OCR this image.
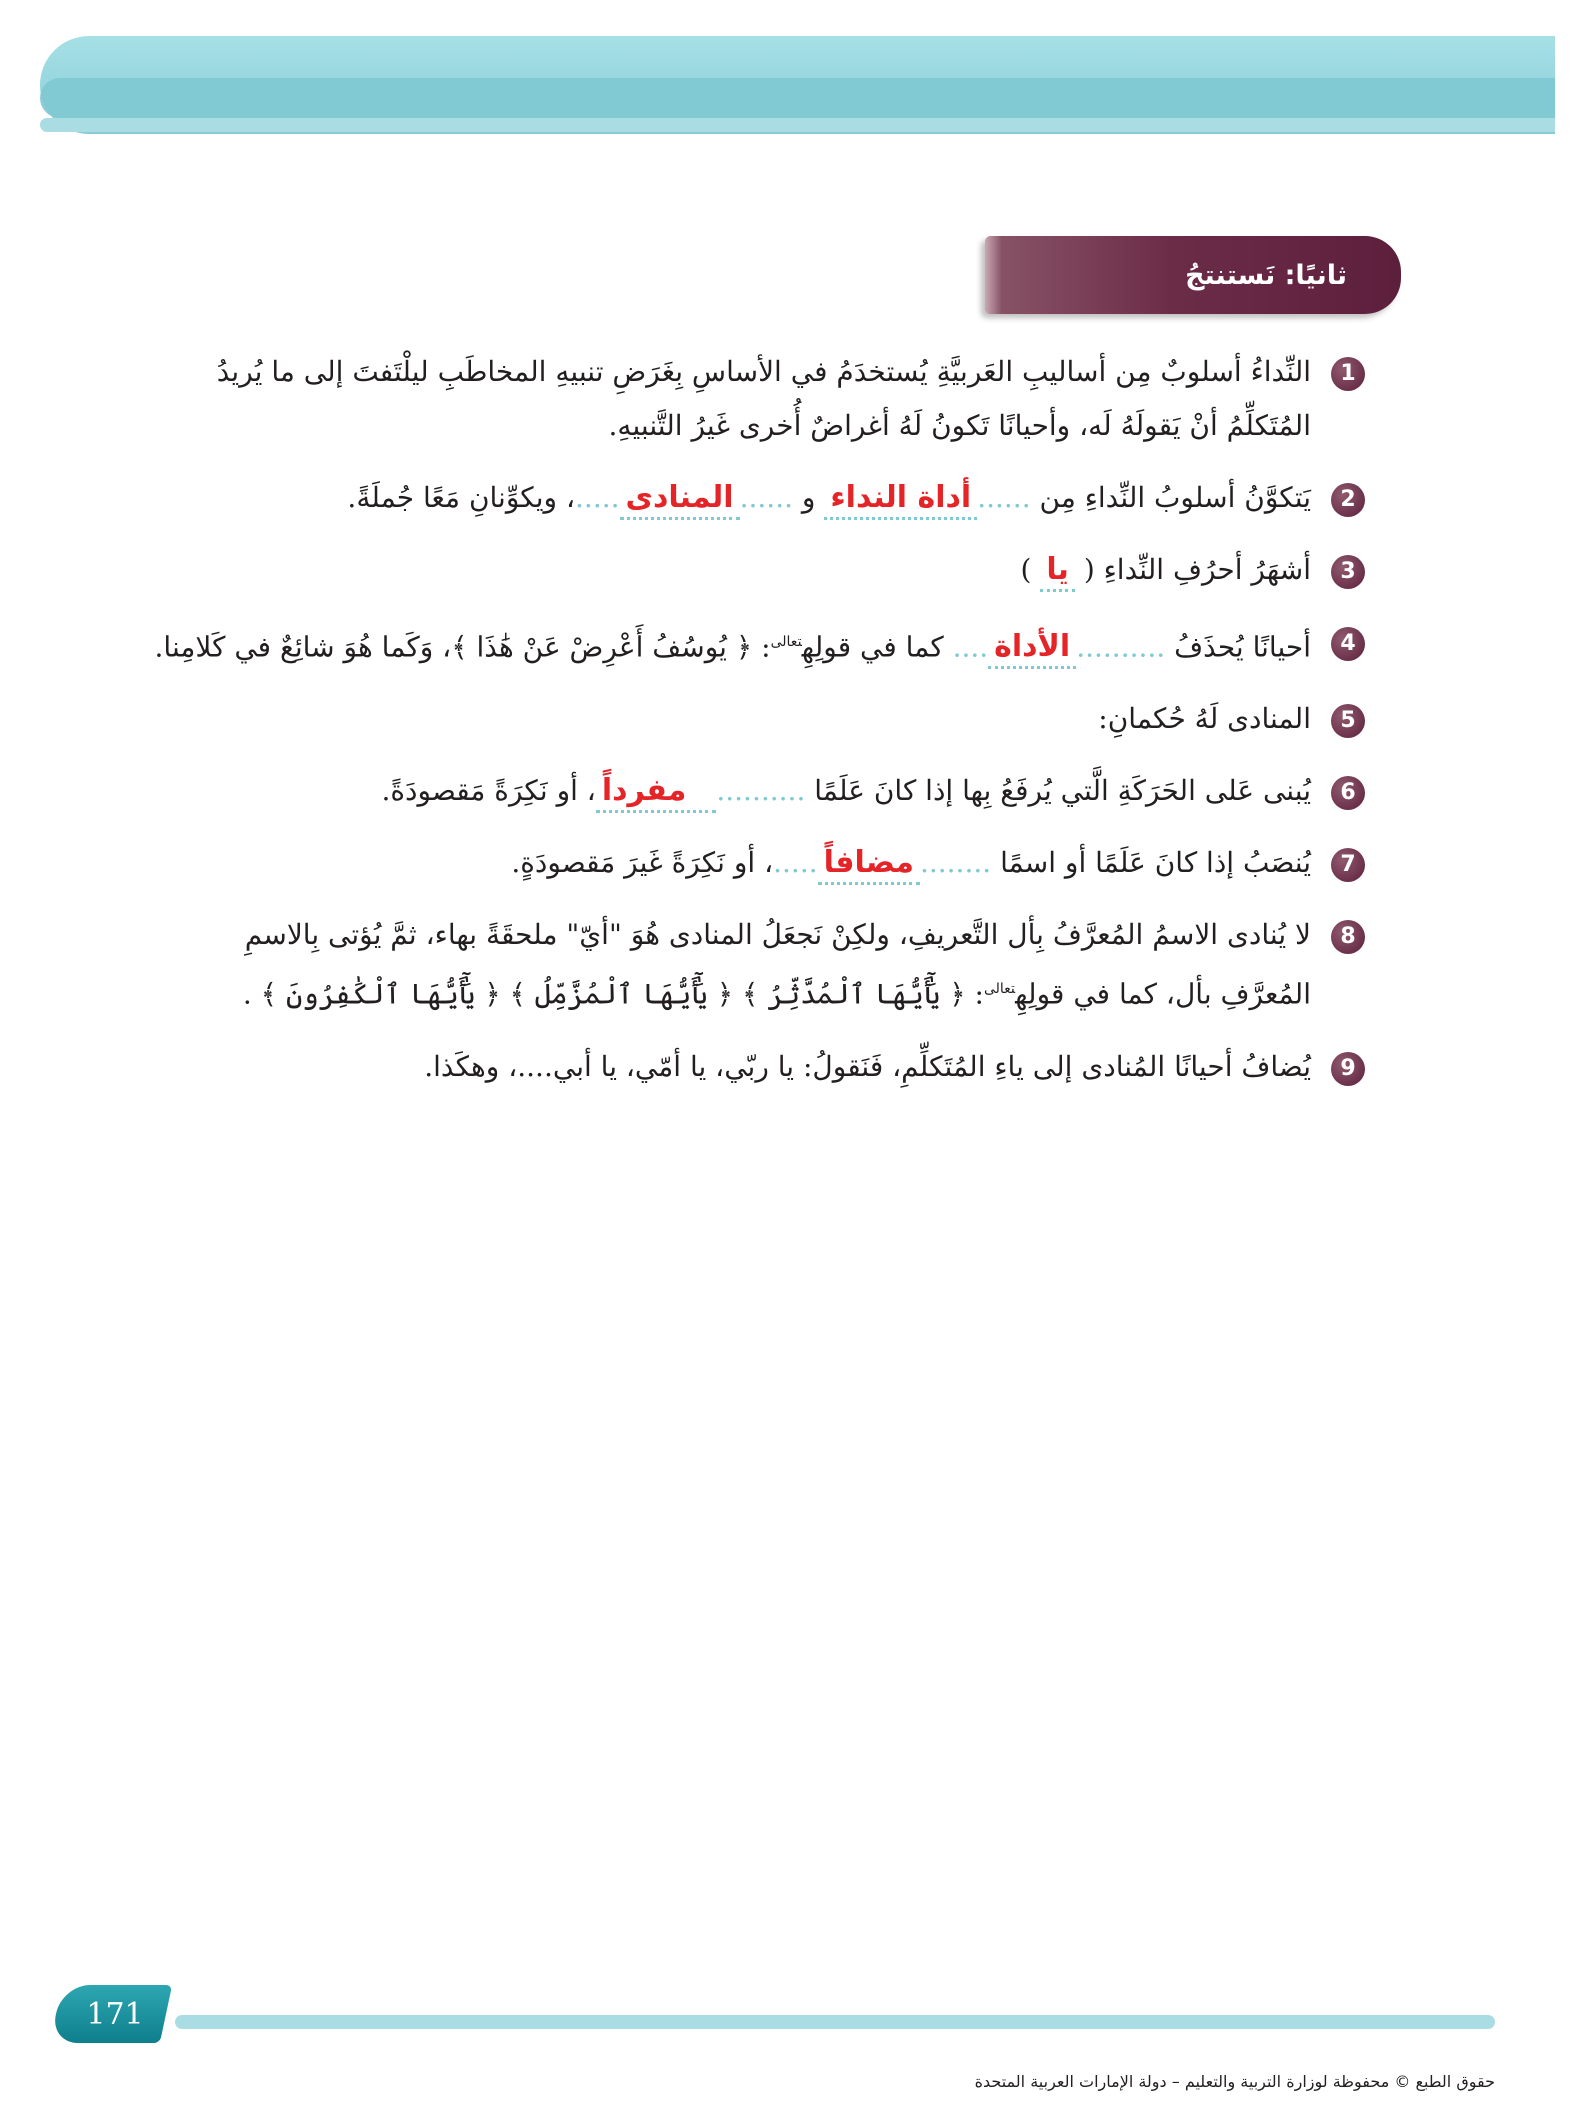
ثانيًا: نَستنتجُ
1
النِّداءُ أسلوبٌ مِن أساليبِ العَربيَّةِ يُستخدَمُ في الأساسِ بِغَرَضِ تنبيهِ المخاطَبِ ليلْتَفتَ إلى ما يُريدُ المُتَكلِّمُ أنْ يَقولَهُ لَه، وأحيانًا تَكونُ لَهُ أغراضٌ أُخرى غَيرُ التَّنبيهِ.
2
يَتكوَّنُ أسلوبُ النِّداءِ مِن ......أداة النداء و ......المنادى.....، ويكوِّنانِ مَعًا جُملَةً.
3
أشهَرُ أحرُفِ النِّداءِ ( يا )
4
أحيانًا يُحذَفُ ..........الأداة.... كما في قولِهِ$^{تعالى}$: ﴿ يُوسُفُ أَعْرِضْ عَنْ هَٰذَا ﴾، وَكَما هُوَ شائِعٌ في كَلامِنا.
5
المنادى لَهُ حُكمانِ:
6
يُبنى عَلى الحَرَكَةِ الَّتي يُرفَعُ بِها إذا كانَ عَلَمًا ..........مفرداً، أو نَكِرَةً مَقصودَةً.
7
يُنصَبُ إذا كانَ عَلَمًا أو اسمًا ........مضافاً.....، أو نَكِرَةً غَيرَ مَقصودَةٍ.
8
لا يُنادى الاسمُ المُعرَّفُ بِأل التَّعريفِ، ولكِنْ نَجعَلُ المنادى هُوَ "أيّ" ملحقَةً بهاء، ثمَّ يُؤتى بِالاسمِ المُعرَّفِ بأل، كما في قولِهِ$^{تعالى}$: ﴿ يَٰٓأَيُّهَا ٱلْمُدَّثِّرُ ﴾ ﴿ يَٰٓأَيُّهَا ٱلْمُزَّمِّلُ ﴾ ﴿ يَٰٓأَيُّهَا ٱلْكَٰفِرُونَ ﴾ .
9
يُضافُ أحيانًا المُنادى إلى ياءِ المُتَكلِّمِ، فَنَقولُ: يا ربّي، يا أمّي، يا أبي....، وهكَذا.
171
حقوق الطبع © محفوظة لوزارة التربية والتعليم – دولة الإمارات العربية المتحدة
